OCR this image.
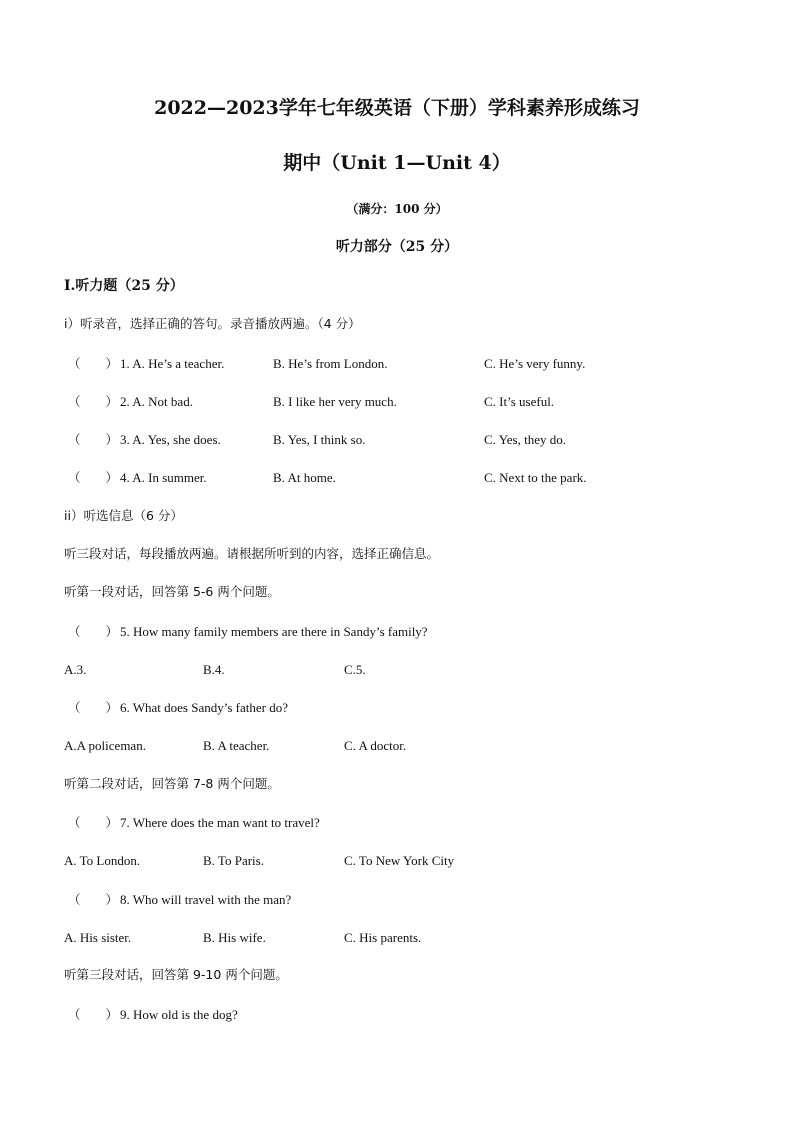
2022—2023学年七年级英语（下册）学科素养形成练习
期中（Unit 1—Unit 4）
（满分：100 分）
听力部分（25 分）
Ⅰ.听力题（25 分）
i）听录音，选择正确的答句。录音播放两遍。（4 分）
（　　） 1. A. He’s a teacher.	B. He’s from London.	C. He’s very funny.
（　　） 2. A. Not bad.	B. I like her very much.	C. It’s useful.
（　　） 3. A. Yes, she does.	B. Yes, I think so.	C. Yes, they do.
（　　） 4. A. In summer.	B. At home.	C. Next to the park.
ii）听选信息（6 分）
听三段对话，每段播放两遍。请根据所听到的内容，选择正确信息。
听第一段对话，回答第 5-6 两个问题。
（　　） 5. How many family members are there in Sandy’s family?
A.3.	B.4.	C.5.
（　　） 6. What does Sandy’s father do?
A.A policeman.	B. A teacher.	C. A doctor.
听第二段对话，回答第 7-8 两个问题。
（　　） 7. Where does the man want to travel?
A. To London.	B. To Paris.	C. To New York City
（　　） 8. Who will travel with the man?
A. His sister.	B. His wife.	C. His parents.
听第三段对话，回答第 9-10 两个问题。
（　　） 9. How old is the dog?
